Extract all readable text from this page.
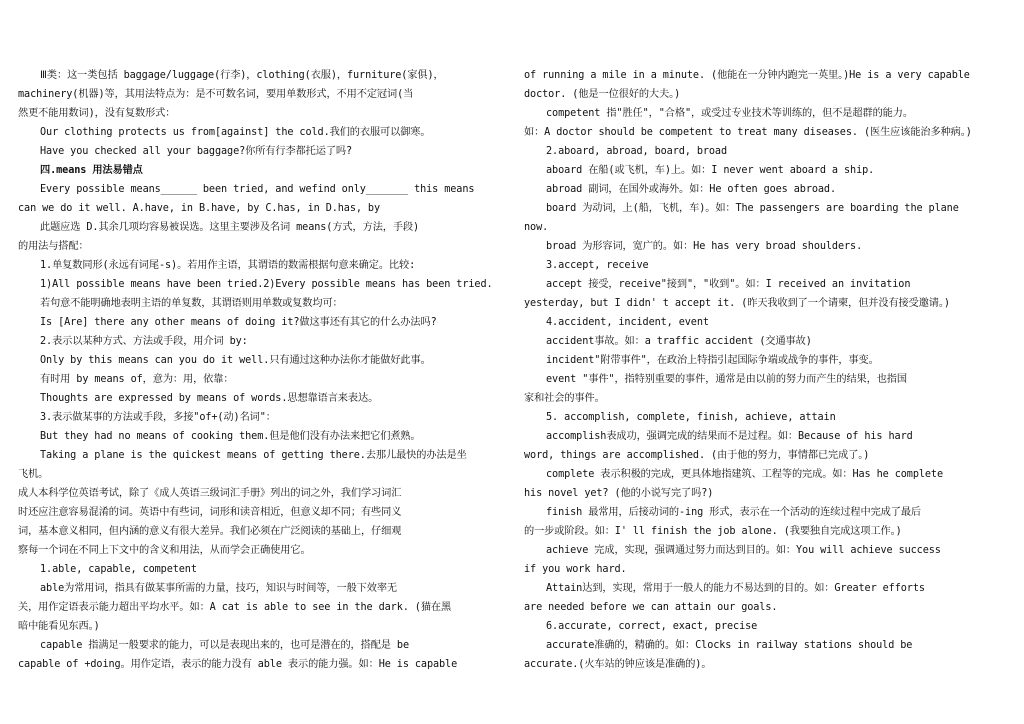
Ⅲ类：这一类包括 baggage/luggage(行李)，clothing(衣服)，furniture(家俱)，

machinery(机器)等，其用法特点为：是不可数名词，要用单数形式，不用不定冠词(当

然更不能用数词)，没有复数形式：

Our clothing protects us from[against] the cold.我们的衣服可以御寒。

Have you checked all your baggage?你所有行李都托运了吗?

四.means 用法易错点

Every possible means______ been tried, and wefind only_______ this means

can we do it well. A.have, in B.have, by C.has, in D.has, by

此题应选 D.其余几项均容易被误选。这里主要涉及名词 means(方式，方法，手段)

的用法与搭配：

1.单复数同形(永远有词尾-s)。若用作主语，其谓语的数需根据句意来确定。比较:

1)All possible means have been tried.2)Every possible means has been tried.

若句意不能明确地表明主语的单复数，其谓语则用单数或复数均可：

Is [Are] there any other means of doing it?做这事还有其它的什么办法吗?

2.表示以某种方式、方法或手段，用介词 by:

Only by this means can you do it well.只有通过这种办法你才能做好此事。

有时用 by means of，意为：用，依靠：

Thoughts are expressed by means of words.思想靠语言来表达。

3.表示做某事的方法或手段，多接"of+(动)名词"：

But they had no means of cooking them.但是他们没有办法来把它们煮熟。

Taking a plane is the quickest means of getting there.去那儿最快的办法是坐

飞机。

成人本科学位英语考试，除了《成人英语三级词汇手册》列出的词之外，我们学习词汇

时还应注意容易混淆的词。英语中有些词，词形和读音相近，但意义却不同；有些同义

词，基本意义相同，但内涵的意义有很大差异。我们必须在广泛阅读的基础上，仔细观

察每一个词在不同上下文中的含义和用法，从而学会正确使用它。

1.able, capable, competent

able为常用词，指具有做某事所需的力量，技巧，知识与时间等，一般下效率无

关，用作定语表示能力超出平均水平。如：A cat is able to see in the dark. (猫在黑

暗中能看见东西。)

capable 指满足一般要求的能力，可以是表现出来的，也可是潜在的，搭配是 be

capable of +doing。用作定语，表示的能力没有 able 表示的能力强。如：He is capable

of running a mile in a minute. (他能在一分钟内跑完一英里。)He is a very capable

doctor. (他是一位很好的大夫。)

competent 指"胜任"，"合格"，或受过专业技术等训练的，但不是超群的能力。

如：A doctor should be competent to treat many diseases. (医生应该能治多种病。)

2.aboard, abroad, board, broad

aboard 在船(或飞机，车)上。如：I never went aboard a ship.

abroad 副词，在国外或海外。如：He often goes abroad.

board 为动词，上(船，飞机，车)。如：The passengers are boarding the plane

now.

broad 为形容词，宽广的。如：He has very broad shoulders.

3.accept, receive

accept 接受，receive"接到"，"收到"。如：I received an invitation

yesterday, but I didn' t accept it. (昨天我收到了一个请柬，但并没有接受邀请。)

4.accident, incident, event

accident事故。如：a traffic accident (交通事故)

incident"附带事件"，在政治上特指引起国际争端或战争的事件，事变。

event "事件"，指特别重要的事件，通常是由以前的努力而产生的结果，也指国

家和社会的事件。

5. accomplish, complete, finish, achieve, attain

accomplish表成功，强调完成的结果而不是过程。如：Because of his hard

word, things are accomplished. (由于他的努力，事情都已完成了。)

complete 表示积极的完成，更具体地指建筑、工程等的完成。如：Has he complete

his novel yet? (他的小说写完了吗?)

finish 最常用，后接动词的-ing 形式，表示在一个活动的连续过程中完成了最后

的一步或阶段。如：I' ll finish the job alone. (我要独自完成这项工作。)

achieve 完成，实现，强调通过努力而达到目的。如：You will achieve success

if you work hard.

Attain达到，实现，常用于一般人的能力不易达到的目的。如：Greater efforts

are needed before we can attain our goals.

6.accurate, correct, exact, precise

accurate准确的，精确的。如：Clocks in railway stations should be

accurate.(火车站的钟应该是准确的)。
